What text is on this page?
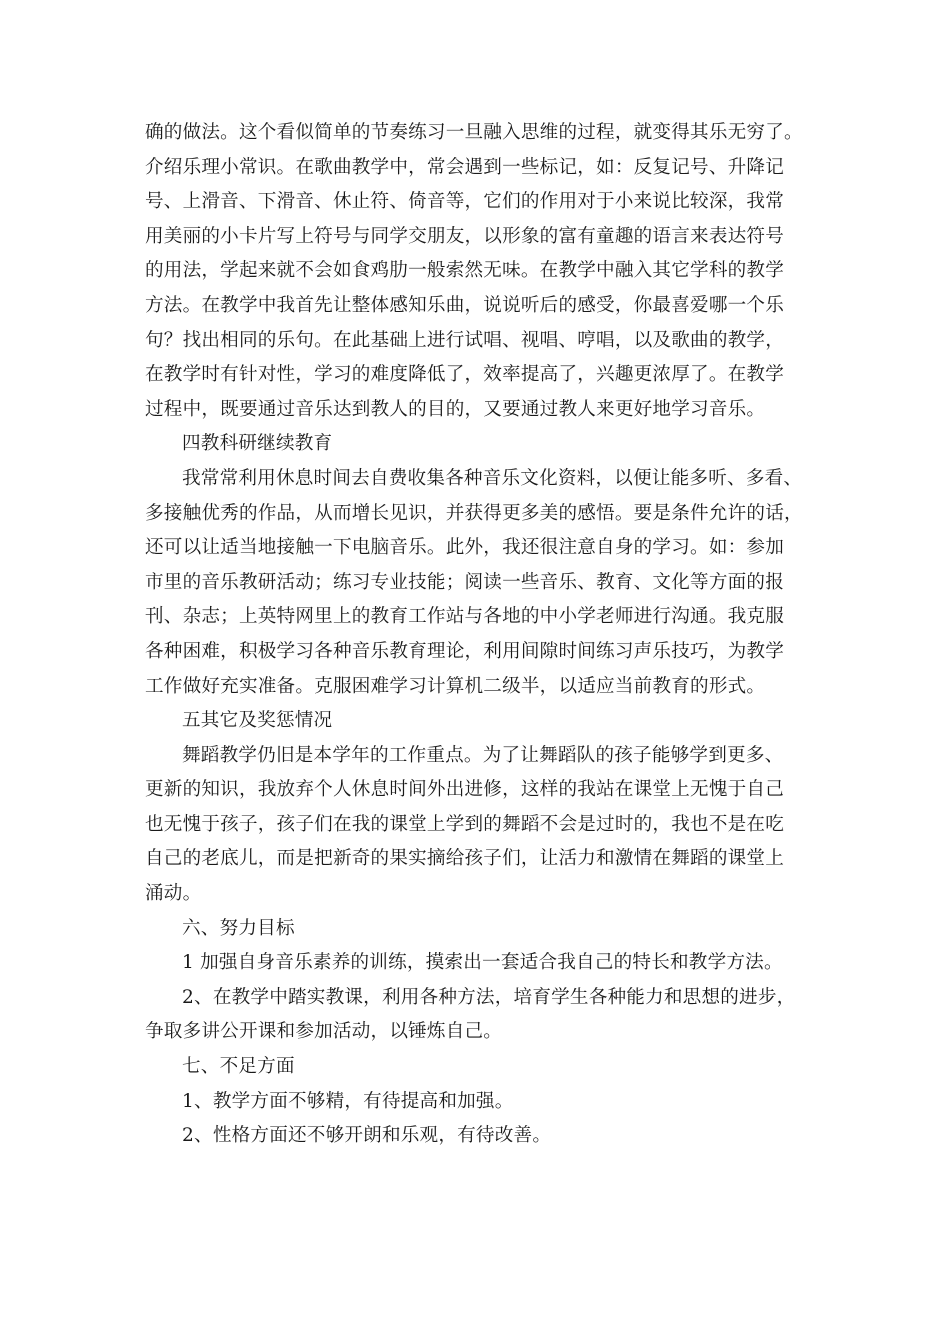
确的做法。这个看似简单的节奏练习一旦融入思维的过程，就变得其乐无穷了。
介绍乐理小常识。在歌曲教学中，常会遇到一些标记，如：反复记号、升降记
号、上滑音、下滑音、休止符、倚音等，它们的作用对于小来说比较深，我常
用美丽的小卡片写上符号与同学交朋友，以形象的富有童趣的语言来表达符号
的用法，学起来就不会如食鸡肋一般索然无味。在教学中融入其它学科的教学
方法。在教学中我首先让整体感知乐曲，说说听后的感受，你最喜爱哪一个乐
句？找出相同的乐句。在此基础上进行试唱、视唱、哼唱，以及歌曲的教学，
在教学时有针对性，学习的难度降低了，效率提高了，兴趣更浓厚了。在教学
过程中，既要通过音乐达到教人的目的，又要通过教人来更好地学习音乐。
四教科研继续教育
我常常利用休息时间去自费收集各种音乐文化资料，以便让能多听、多看、
多接触优秀的作品，从而增长见识，并获得更多美的感悟。要是条件允许的话，
还可以让适当地接触一下电脑音乐。此外，我还很注意自身的学习。如：参加
市里的音乐教研活动；练习专业技能；阅读一些音乐、教育、文化等方面的报
刊、杂志；上英特网里上的教育工作站与各地的中小学老师进行沟通。我克服
各种困难，积极学习各种音乐教育理论，利用间隙时间练习声乐技巧，为教学
工作做好充实准备。克服困难学习计算机二级半，以适应当前教育的形式。
五其它及奖惩情况
舞蹈教学仍旧是本学年的工作重点。为了让舞蹈队的孩子能够学到更多、
更新的知识，我放弃个人休息时间外出进修，这样的我站在课堂上无愧于自己
也无愧于孩子，孩子们在我的课堂上学到的舞蹈不会是过时的，我也不是在吃
自己的老底儿，而是把新奇的果实摘给孩子们，让活力和激情在舞蹈的课堂上
涌动。
六、努力目标
1 加强自身音乐素养的训练，摸索出一套适合我自己的特长和教学方法。
2、在教学中踏实教课，利用各种方法，培育学生各种能力和思想的进步，
争取多讲公开课和参加活动，以锤炼自己。
七、不足方面
1、教学方面不够精，有待提高和加强。
2、性格方面还不够开朗和乐观，有待改善。
